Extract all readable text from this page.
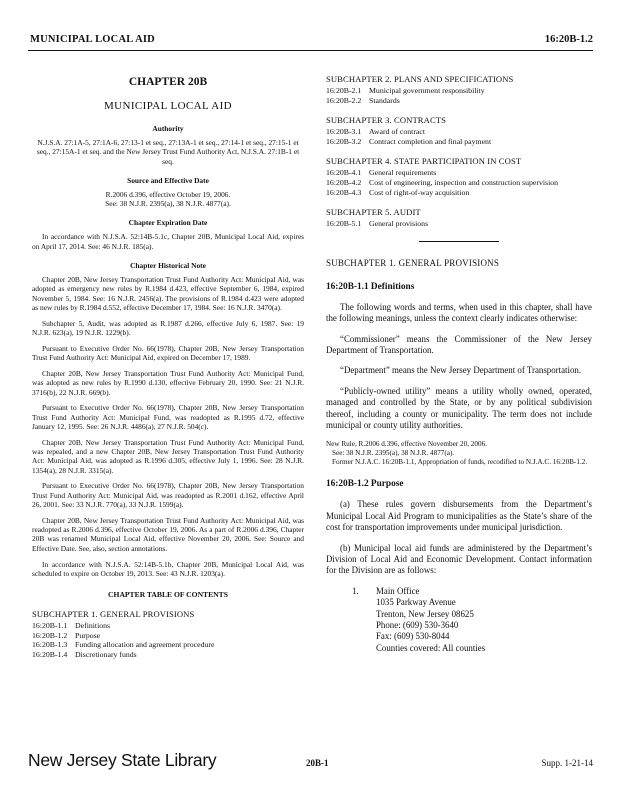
MUNICIPAL LOCAL AID	16:20B-1.2
CHAPTER 20B
MUNICIPAL LOCAL AID
Authority

N.J.S.A. 27:1A-5, 27:1A-6, 27:13-1 et seq., 27:13A-1 et seq., 27:14-1 et seq., 27:15-1 et seq., 27:15A-1 et seq. and the New Jersey Trust Fund Authority Act, N.J.S.A. 27:1B-1 et seq.

Source and Effective Date
R.2006 d.396, effective October 19, 2006.
See: 38 N.J.R. 2395(a), 38 N.J.R. 4877(a).
Chapter Expiration Date

In accordance with N.J.S.A. 52:14B-5.1c, Chapter 20B, Municipal Local Aid, expires on April 17, 2014. See: 46 N.J.R. 185(a).

Chapter Historical Note

Chapter 20B, New Jersey Transportation Trust Fund Authority Act: Municipal Aid, was adopted as emergency new rules by R.1984 d.423, effective September 6, 1984, expired November 5, 1984. See: 16 N.J.R. 2456(a). The provisions of R.1984 d.423 were adopted as new rules by R.1984 d.552, effective December 17, 1984. See: 16 N.J.R. 3470(a).

Subchapter 5, Audit, was adopted as R.1987 d.266, effective July 6, 1987. See: 19 N.J.R. 623(a), 19 N.J.R. 1229(b).

Pursuant to Executive Order No. 66(1978), Chapter 20B, New Jersey Transportation Trust Fund Authority Act: Municipal Aid, expired on December 17, 1989.

Chapter 20B, New Jersey Transportation Trust Fund Authority Act: Municipal Fund, was adopted as new rules by R.1990 d.130, effective February 20, 1990. See: 21 N.J.R. 3716(b), 22 N.J.R. 669(b).

Pursuant to Executive Order No. 66(1978), Chapter 20B, New Jersey Transportation Trust Fund Authority Act: Municipal Fund, was readopted as R.1995 d.72, effective January 12, 1995. See: 26 N.J.R. 4486(a), 27 N.J.R. 504(c).

Chapter 20B, New Jersey Transportation Trust Fund Authority Act: Municipal Fund, was repealed, and a new Chapter 20B, New Jersey Transportation Trust Fund Authority Act: Municipal Aid, was adopted as R.1996 d.305, effective July 1, 1996. See: 28 N.J.R. 1354(a), 28 N.J.R. 3315(a).

Pursuant to Executive Order No. 66(1978), Chapter 20B, New Jersey Transportation Trust Fund Authority Act: Municipal Aid, was readopted as R.2001 d.162, effective April 26, 2001. See: 33 N.J.R. 770(a), 33 N.J.R. 1599(a).

Chapter 20B, New Jersey Transportation Trust Fund Authority Act: Municipal Aid, was readopted as R.2006 d.396, effective October 19, 2006. As a part of R.2006 d.396, Chapter 20B was renamed Municipal Local Aid, effective November 20, 2006. See: Source and Effective Date. See, also, section annotations.

In accordance with N.J.S.A. 52:14B-5.1b, Chapter 20B, Municipal Local Aid, was scheduled to expire on October 19, 2013. See: 43 N.J.R. 1203(a).

CHAPTER TABLE OF CONTENTS
SUBCHAPTER 1. GENERAL PROVISIONS
16:20B-1.1 Definitions
16:20B-1.2 Purpose
16:20B-1.3 Funding allocation and agreement procedure
16:20B-1.4 Discretionary funds
SUBCHAPTER 2. PLANS AND SPECIFICATIONS
16:20B-2.1 Municipal government responsibility
16:20B-2.2 Standards
SUBCHAPTER 3. CONTRACTS
16:20B-3.1 Award of contract
16:20B-3.2 Contract completion and final payment
SUBCHAPTER 4. STATE PARTICIPATION IN COST
16:20B-4.1 General requirements
16:20B-4.2 Cost of engineering, inspection and construction supervision
16:20B-4.3 Cost of right-of-way acquisition
SUBCHAPTER 5. AUDIT
16:20B-5.1 General provisions
SUBCHAPTER 1. GENERAL PROVISIONS
16:20B-1.1 Definitions

The following words and terms, when used in this chapter, shall have the following meanings, unless the context clearly indicates otherwise:

“Commissioner” means the Commissioner of the New Jersey Department of Transportation.

“Department” means the New Jersey Department of Transportation.

“Publicly-owned utility” means a utility wholly owned, operated, managed and controlled by the State, or by any political subdivision thereof, including a county or municipality. The term does not include municipal or county utility authorities.

New Rule, R.2006 d.396, effective November 20, 2006.
See: 38 N.J.R. 2395(a), 38 N.J.R. 4877(a).
Former N.J.A.C. 16:20B-1.1, Appropriation of funds, recodified to N.J.A.C. 16:20B-1.2.
16:20B-1.2 Purpose

(a) These rules govern disbursements from the Department’s Municipal Local Aid Program to municipalities as the State’s share of the cost for transportation improvements under municipal jurisdiction.

(b) Municipal local aid funds are administered by the Department’s Division of Local Aid and Economic Development. Contact information for the Division are as follows:

1.	Main Office
1035 Parkway Avenue
Trenton, New Jersey 08625
Phone: (609) 530-3640
Fax: (609) 530-8044
Counties covered: All counties
New Jersey State Library	20B-1	Supp. 1-21-14
